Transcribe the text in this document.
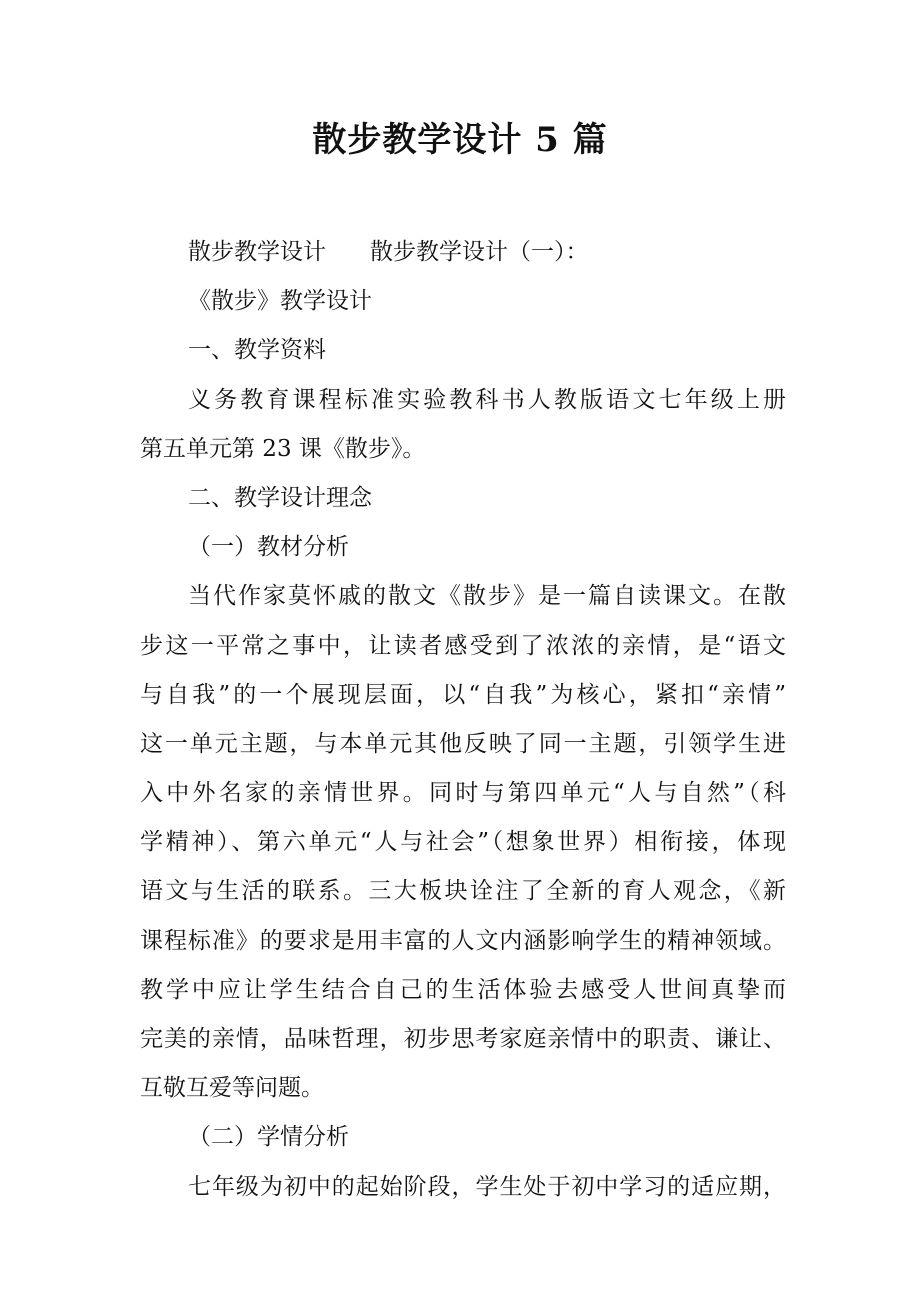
散步教学设计 5 篇

散步教学设计 散步教学设计（一）：

《散步》教学设计

一、教学资料

义务教育课程标准实验教科书人教版语文七年级上册

第五单元第 23 课《散步》。

二、教学设计理念

（一）教材分析

当代作家莫怀戚的散文《散步》是一篇自读课文。在散

步这一平常之事中，让读者感受到了浓浓的亲情，是“语文

与自我”的一个展现层面，以“自我”为核心，紧扣“亲情”

这一单元主题，与本单元其他反映了同一主题，引领学生进

入中外名家的亲情世界。同时与第四单元“人与自然”（科

学精神）、第六单元“人与社会”（想象世界）相衔接，体现

语文与生活的联系。三大板块诠注了全新的育人观念，《新

课程标准》的要求是用丰富的人文内涵影响学生的精神领域。

教学中应让学生结合自己的生活体验去感受人世间真挚而

完美的亲情，品味哲理，初步思考家庭亲情中的职责、谦让、

互敬互爱等问题。

（二）学情分析

七年级为初中的起始阶段，学生处于初中学习的适应期，
